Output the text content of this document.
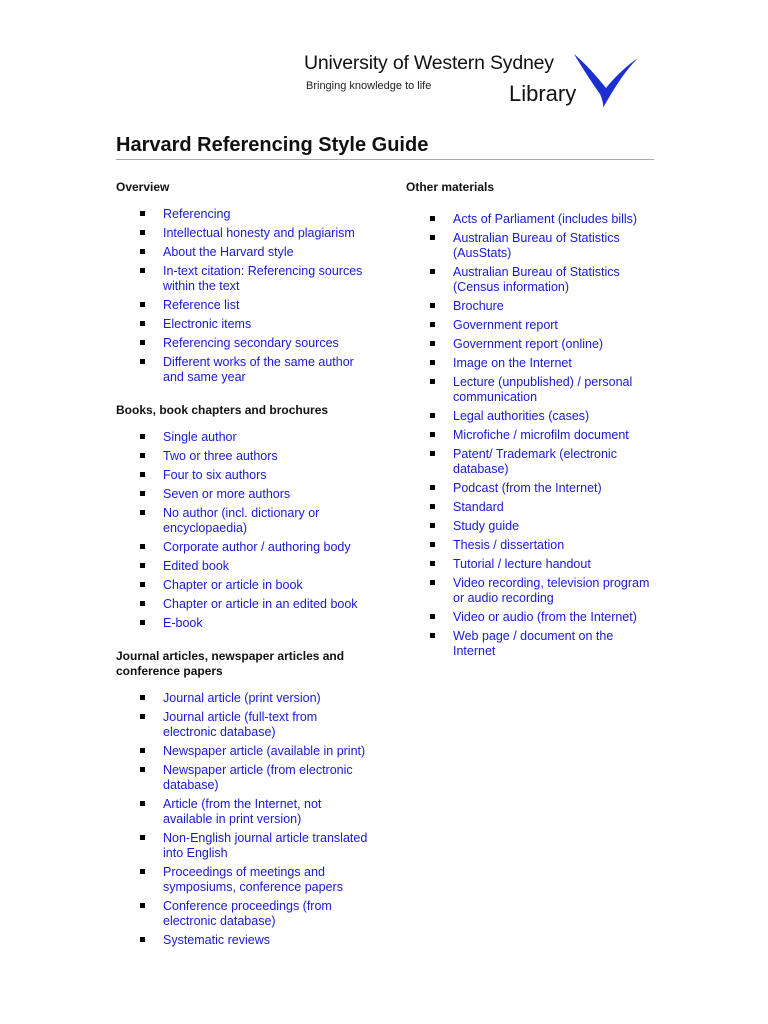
University of Western Sydney
Bringing knowledge to life	Library
Harvard Referencing Style Guide
Overview
Referencing
Intellectual honesty and plagiarism
About the Harvard style
In-text citation: Referencing sources within the text
Reference list
Electronic items
Referencing secondary sources
Different works of the same author and same year
Books, book chapters and brochures
Single author
Two or three authors
Four to six authors
Seven or more authors
No author (incl. dictionary or encyclopaedia)
Corporate author / authoring body
Edited book
Chapter or article in book
Chapter or article in an edited book
E-book
Journal articles, newspaper articles and conference papers
Journal article (print version)
Journal article (full-text from electronic database)
Newspaper article (available in print)
Newspaper article (from electronic database)
Article (from the Internet, not available in print version)
Non-English journal article translated into English
Proceedings of meetings and symposiums, conference papers
Conference proceedings (from electronic database)
Systematic reviews
Other materials
Acts of Parliament (includes bills)
Australian Bureau of Statistics (AusStats)
Australian Bureau of Statistics (Census information)
Brochure
Government report
Government report (online)
Image on the Internet
Lecture (unpublished) / personal communication
Legal authorities (cases)
Microfiche / microfilm document
Patent/ Trademark (electronic database)
Podcast (from the Internet)
Standard
Study guide
Thesis / dissertation
Tutorial / lecture handout
Video recording, television program or audio recording
Video or audio (from the Internet)
Web page / document on the Internet
